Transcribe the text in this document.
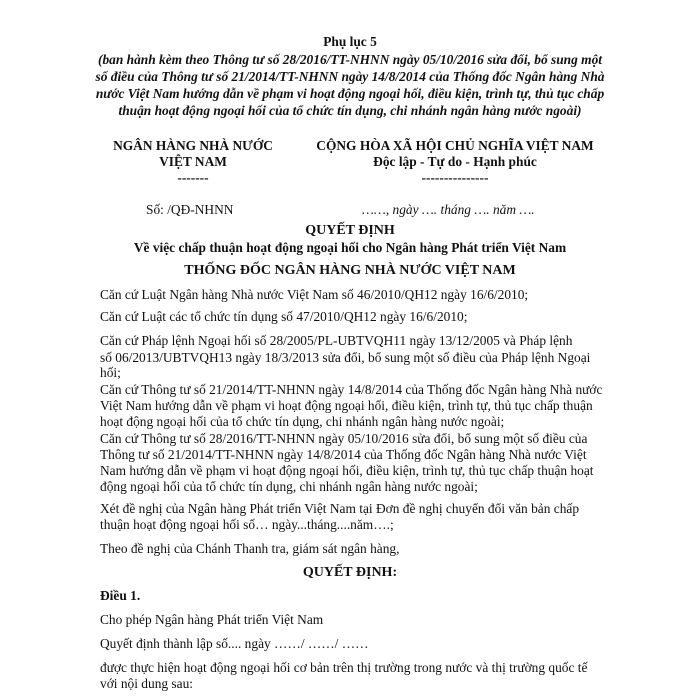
Phụ lục 5
(ban hành kèm theo Thông tư số 28/2016/TT-NHNN ngày 05/10/2016 sửa đổi, bổ sung một
số điều của Thông tư số 21/2014/TT-NHNN ngày 14/8/2014 của Thống đốc Ngân hàng Nhà
nước Việt Nam hướng dẫn về phạm vi hoạt động ngoại hối, điều kiện, trình tự, thủ tục chấp
thuận hoạt động ngoại hối của tổ chức tín dụng, chi nhánh ngân hàng nước ngoài)
NGÂN HÀNG NHÀ NƯỚC
VIỆT NAM
-------
CỘNG HÒA XÃ HỘI CHỦ NGHĨA VIỆT NAM
Độc lập - Tự do - Hạnh phúc
---------------
Số: /QĐ-NHNN	……, ngày …. tháng …. năm ….
QUYẾT ĐỊNH
Về việc chấp thuận hoạt động ngoại hối cho Ngân hàng Phát triển Việt Nam
THỐNG ĐỐC NGÂN HÀNG NHÀ NƯỚC VIỆT NAM
Căn cứ Luật Ngân hàng Nhà nước Việt Nam số 46/2010/QH12 ngày 16/6/2010;
Căn cứ Luật các tổ chức tín dụng số 47/2010/QH12 ngày 16/6/2010;
Căn cứ Pháp lệnh Ngoại hối số 28/2005/PL-UBTVQH11 ngày 13/12/2005 và Pháp lệnh
số 06/2013/UBTVQH13 ngày 18/3/2013 sửa đổi, bổ sung một số điều của Pháp lệnh Ngoại
hối;
Căn cứ Thông tư số 21/2014/TT-NHNN ngày 14/8/2014 của Thống đốc Ngân hàng Nhà nước
Việt Nam hướng dẫn về phạm vi hoạt động ngoại hối, điều kiện, trình tự, thủ tục chấp thuận
hoạt động ngoại hối của tổ chức tín dụng, chi nhánh ngân hàng nước ngoài;
Căn cứ Thông tư số 28/2016/TT-NHNN ngày 05/10/2016 sửa đổi, bổ sung một số điều của
Thông tư số 21/2014/TT-NHNN ngày 14/8/2014 của Thống đốc Ngân hàng Nhà nước Việt
Nam hướng dẫn về phạm vi hoạt động ngoại hối, điều kiện, trình tự, thủ tục chấp thuận hoạt
động ngoại hối của tổ chức tín dụng, chi nhánh ngân hàng nước ngoài;
Xét đề nghị của Ngân hàng Phát triển Việt Nam tại Đơn đề nghị chuyển đổi văn bản chấp
thuận hoạt động ngoại hối số… ngày...tháng....năm….;
Theo đề nghị của Chánh Thanh tra, giám sát ngân hàng,
QUYẾT ĐỊNH:
Điều 1.
Cho phép Ngân hàng Phát triển Việt Nam
Quyết định thành lập số.... ngày ……/ ……/ ……
được thực hiện hoạt động ngoại hối cơ bản trên thị trường trong nước và thị trường quốc tế
với nội dung sau:
